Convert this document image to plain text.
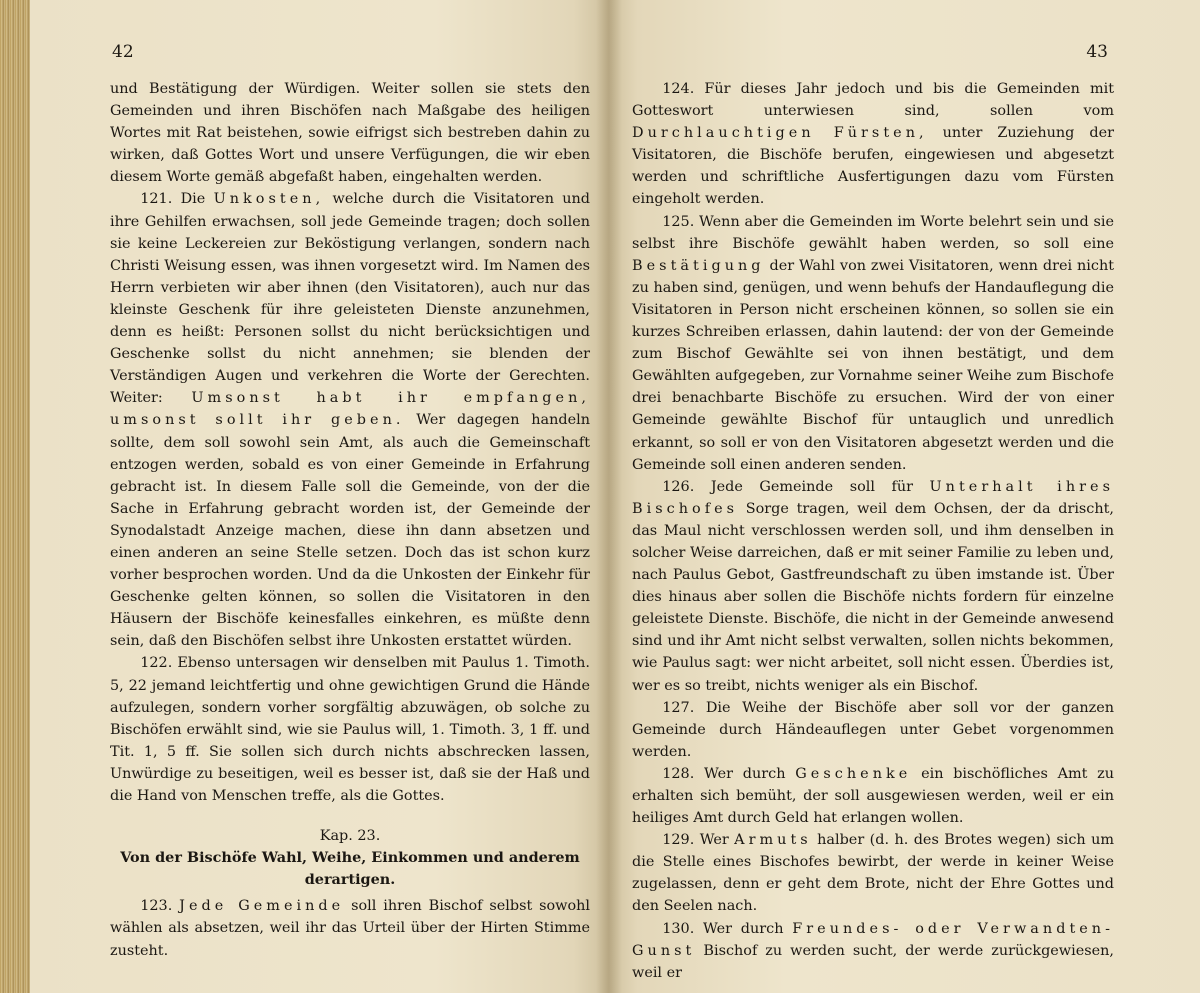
42

und Bestätigung der Würdigen. Weiter sollen sie stets den Gemeinden und ihren Bischöfen nach Maßgabe des heiligen Wortes mit Rat beistehen, sowie eifrigst sich bestreben dahin zu wirken, daß Gottes Wort und unsere Verfügungen, die wir eben diesem Worte gemäß abgefaßt haben, eingehalten werden.

121. Die Unkosten, welche durch die Visitatoren und ihre Gehilfen erwachsen, soll jede Gemeinde tragen; doch sollen sie keine Leckereien zur Beköstigung verlangen, sondern nach Christi Weisung essen, was ihnen vorgesetzt wird. Im Namen des Herrn verbieten wir aber ihnen (den Visitatoren), auch nur das kleinste Geschenk für ihre geleisteten Dienste anzunehmen, denn es heißt: Personen sollst du nicht berücksichtigen und Geschenke sollst du nicht annehmen; sie blenden der Verständigen Augen und verkehren die Worte der Gerechten. Weiter: Umsonst habt ihr empfangen, umsonst sollt ihr geben. Wer dagegen handeln sollte, dem soll sowohl sein Amt, als auch die Gemeinschaft entzogen werden, sobald es von einer Gemeinde in Erfahrung gebracht ist. In diesem Falle soll die Gemeinde, von der die Sache in Erfahrung gebracht worden ist, der Gemeinde der Synodalstadt Anzeige machen, diese ihn dann absetzen und einen anderen an seine Stelle setzen. Doch das ist schon kurz vorher besprochen worden. Und da die Unkosten der Einkehr für Geschenke gelten können, so sollen die Visitatoren in den Häusern der Bischöfe keinesfalles einkehren, es müßte denn sein, daß den Bischöfen selbst ihre Unkosten erstattet würden.

122. Ebenso untersagen wir denselben mit Paulus 1. Timoth. 5, 22 jemand leichtfertig und ohne gewichtigen Grund die Hände aufzulegen, sondern vorher sorgfältig abzuwägen, ob solche zu Bischöfen erwählt sind, wie sie Paulus will, 1. Timoth. 3, 1 ff. und Tit. 1, 5 ff. Sie sollen sich durch nichts abschrecken lassen, Unwürdige zu beseitigen, weil es besser ist, daß sie der Haß und die Hand von Menschen treffe, als die Gottes.

Kap. 23.
Von der Bischöfe Wahl, Weihe, Einkommen und anderem derartigen.

123. Jede Gemeinde soll ihren Bischof selbst sowohl wählen als absetzen, weil ihr das Urteil über der Hirten Stimme zusteht.

43

124. Für dieses Jahr jedoch und bis die Gemeinden mit Gotteswort unterwiesen sind, sollen vom Durchlauchtigen Fürsten, unter Zuziehung der Visitatoren, die Bischöfe berufen, eingewiesen und abgesetzt werden und schriftliche Ausfertigungen dazu vom Fürsten eingeholt werden.

125. Wenn aber die Gemeinden im Worte belehrt sein und sie selbst ihre Bischöfe gewählt haben werden, so soll eine Bestätigung der Wahl von zwei Visitatoren, wenn drei nicht zu haben sind, genügen, und wenn behufs der Handauflegung die Visitatoren in Person nicht erscheinen können, so sollen sie ein kurzes Schreiben erlassen, dahin lautend: der von der Gemeinde zum Bischof Gewählte sei von ihnen bestätigt, und dem Gewählten aufgegeben, zur Vornahme seiner Weihe zum Bischofe drei benachbarte Bischöfe zu ersuchen. Wird der von einer Gemeinde gewählte Bischof für untauglich und unredlich erkannt, so soll er von den Visitatoren abgesetzt werden und die Gemeinde soll einen anderen senden.

126. Jede Gemeinde soll für Unterhalt ihres Bischofes Sorge tragen, weil dem Ochsen, der da drischt, das Maul nicht verschlossen werden soll, und ihm denselben in solcher Weise darreichen, daß er mit seiner Familie zu leben und, nach Paulus Gebot, Gastfreundschaft zu üben imstande ist. Über dies hinaus aber sollen die Bischöfe nichts fordern für einzelne geleistete Dienste. Bischöfe, die nicht in der Gemeinde anwesend sind und ihr Amt nicht selbst verwalten, sollen nichts bekommen, wie Paulus sagt: wer nicht arbeitet, soll nicht essen. Überdies ist, wer es so treibt, nichts weniger als ein Bischof.

127. Die Weihe der Bischöfe aber soll vor der ganzen Gemeinde durch Händeauflegen unter Gebet vorgenommen werden.

128. Wer durch Geschenke ein bischöfliches Amt zu erhalten sich bemüht, der soll ausgewiesen werden, weil er ein heiliges Amt durch Geld hat erlangen wollen.

129. Wer Armuts halber (d. h. des Brotes wegen) sich um die Stelle eines Bischofes bewirbt, der werde in keiner Weise zugelassen, denn er geht dem Brote, nicht der Ehre Gottes und den Seelen nach.

130. Wer durch Freundes- oder Verwandten-Gunst Bischof zu werden sucht, der werde zurückgewiesen, weil er
